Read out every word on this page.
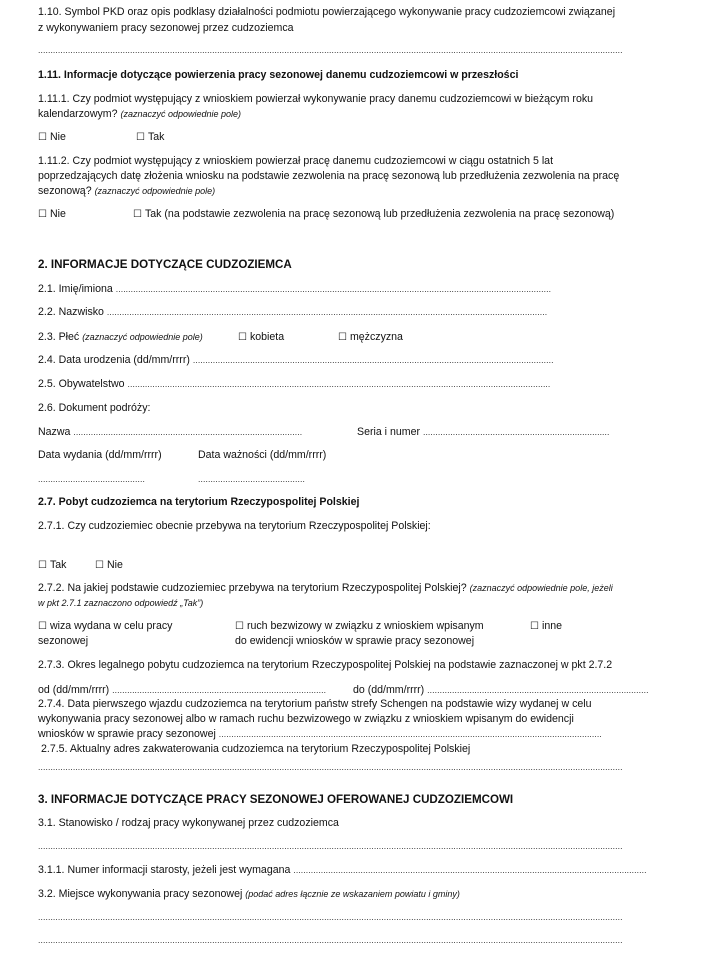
1.10. Symbol PKD oraz opis podklasy działalności podmiotu powierzającego wykonywanie pracy cudzoziemcowi związanej
z wykonywaniem pracy sezonowej przez cudzoziemca
...........................................................................................................................................................................................................................................
1.11. Informacje dotyczące powierzenia pracy sezonowej danemu cudzoziemcowi w przeszłości
1.11.1. Czy podmiot występujący z wnioskiem powierzał wykonywanie pracy danemu cudzoziemcowi w bieżącym roku
kalendarzowym? (zaznaczyć odpowiednie pole)
☐ Nie	☐ Tak
1.11.2. Czy podmiot występujący z wnioskiem powierzał pracę danemu cudzoziemcowi w ciągu ostatnich 5 lat
poprzedzających datę złożenia wniosku na podstawie zezwolenia na pracę sezonową lub przedłużenia zezwolenia na pracę
sezonową? (zaznaczyć odpowiednie pole)
☐ Nie	☐ Tak (na podstawie zezwolenia na pracę sezonową lub przedłużenia zezwolenia na pracę sezonową)
2. INFORMACJE DOTYCZĄCE CUDZOZIEMCA
2.1. Imię/imiona ...............................................................................................................................................................................
2.2. Nazwisko .................................................................................................................................................................................
2.3. Płeć (zaznaczyć odpowiednie pole)	☐ kobieta	☐ mężczyzna
2.4. Data urodzenia (dd/mm/rrrr) .................................................................................................................................................
2.5. Obywatelstwo ..........................................................................................................................................................................
2.6. Dokument podróży:
Nazwa ............................................................................................	Seria i numer ...........................................................................
Data wydania (dd/mm/rrrr)	Data ważności (dd/mm/rrrr)
...........................................	...........................................
2.7. Pobyt cudzoziemca na terytorium Rzeczypospolitej Polskiej
2.7.1. Czy cudzoziemiec obecnie przebywa na terytorium Rzeczypospolitej Polskiej:
☐ Tak	☐ Nie
2.7.2. Na jakiej podstawie cudzoziemiec przebywa na terytorium Rzeczypospolitej Polskiej? (zaznaczyć odpowiednie pole, jeżeli
w pkt 2.7.1 zaznaczono odpowiedź „Tak”)
☐ wiza wydana w celu pracy
sezonowej
☐ ruch bezwizowy w związku z wnioskiem wpisanym
do ewidencji wniosków w sprawie pracy sezonowej
☐ inne
2.7.3. Okres legalnego pobytu cudzoziemca na terytorium Rzeczypospolitej Polskiej na podstawie zaznaczonej w pkt 2.7.2
od (dd/mm/rrrr) ......................................................................................	do (dd/mm/rrrr) .........................................................................................
2.7.4. Data pierwszego wjazdu cudzoziemca na terytorium państw strefy Schengen na podstawie wizy wydanej w celu
wykonywania pracy sezonowej albo w ramach ruchu bezwizowego w związku z wnioskiem wpisanym do ewidencji
wniosków w sprawie pracy sezonowej ..........................................................................................................................................................
2.7.5. Aktualny adres zakwaterowania cudzoziemca na terytorium Rzeczypospolitej Polskiej
...........................................................................................................................................................................................................................................
3. INFORMACJE DOTYCZĄCE PRACY SEZONOWEJ OFEROWANEJ CUDZOZIEMCOWI
3.1. Stanowisko / rodzaj pracy wykonywanej przez cudzoziemca
...........................................................................................................................................................................................................................................
3.1.1. Numer informacji starosty, jeżeli jest wymagana ..............................................................................................................................................
3.2. Miejsce wykonywania pracy sezonowej (podać adres łącznie ze wskazaniem powiatu i gminy)
...........................................................................................................................................................................................................................................
...........................................................................................................................................................................................................................................
